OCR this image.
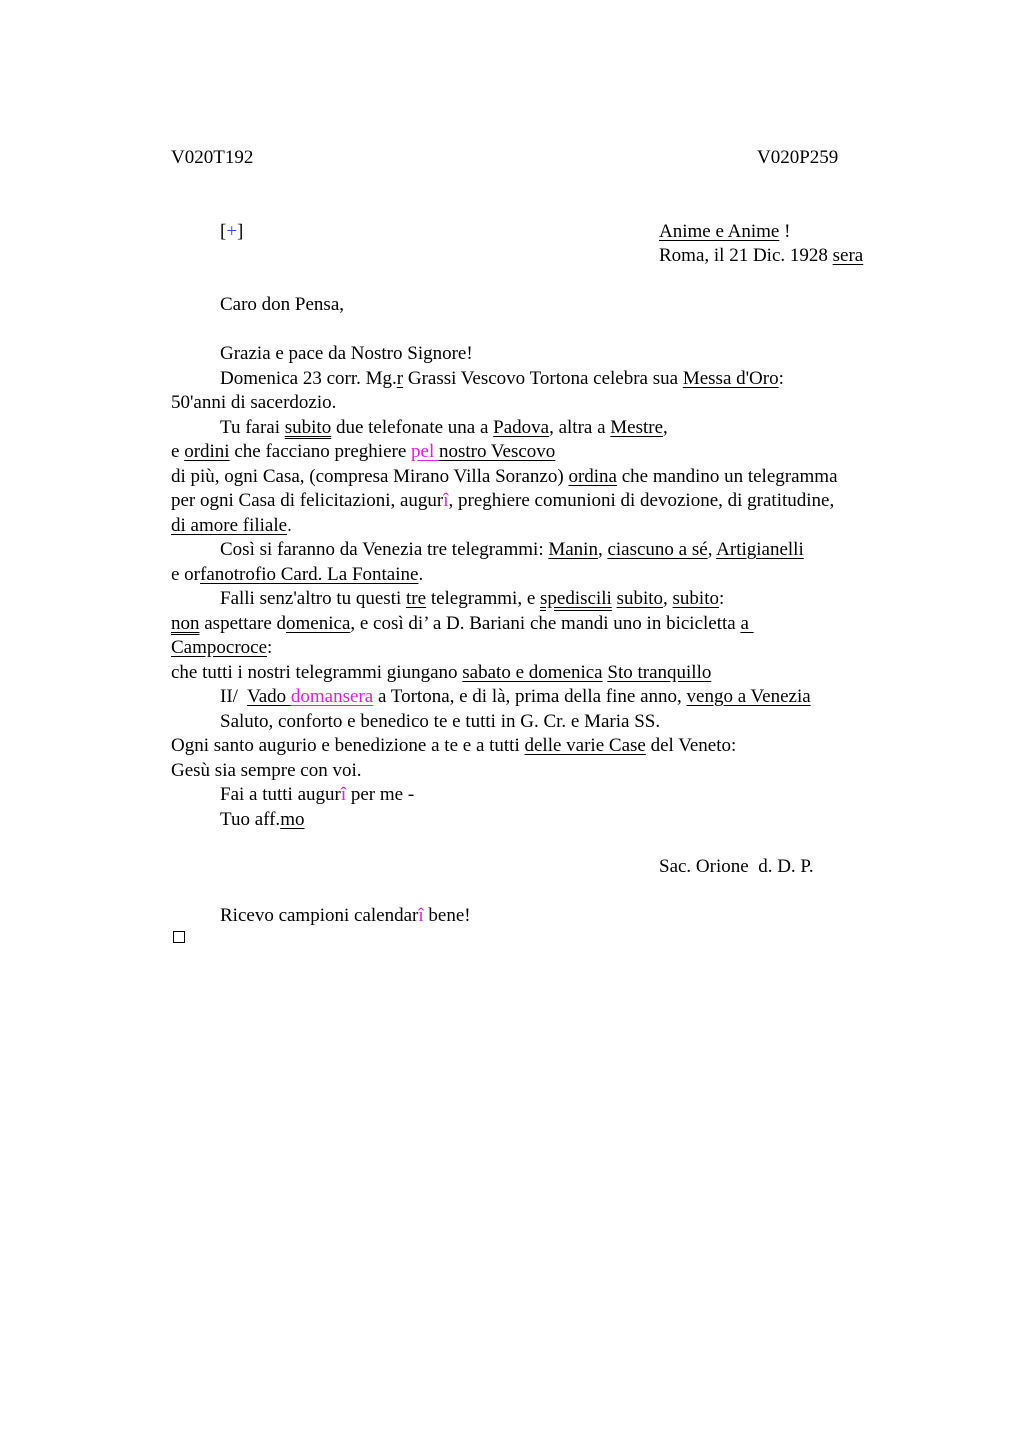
V020T192	V020P259
[+]	Anime e Anime !
Roma, il 21 Dic. 1928 sera
Caro don Pensa,
Grazia e pace da Nostro Signore!
Domenica 23 corr. Mg.r Grassi Vescovo Tortona celebra sua Messa d'Oro:
50'anni di sacerdozio.
Tu farai subito due telefonate una a Padova, altra a Mestre,
e ordini che facciano preghiere pel nostro Vescovo
di più, ogni Casa, (compresa Mirano Villa Soranzo) ordina che mandino un telegramma
per ogni Casa di felicitazioni, augurî, preghiere comunioni di devozione, di gratitudine,
di amore filiale.
Così si faranno da Venezia tre telegrammi: Manin, ciascuno a sé, Artigianelli
e orfanotrofio Card. La Fontaine.
Falli senz'altro tu questi tre telegrammi, e spediscili subito, subito:
non aspettare domenica, e così di’ a D. Bariani che mandi uno in bicicletta a
Campocroce:
che tutti i nostri telegrammi giungano sabato e domenica Sto tranquillo
II/  Vado domansera a Tortona, e di là, prima della fine anno, vengo a Venezia
Saluto, conforto e benedico te e tutti in G. Cr. e Maria SS.
Ogni santo augurio e benedizione a te e a tutti delle varie Case del Veneto:
Gesù sia sempre con voi.
Fai a tutti augurî per me -
Tuo aff.mo
Sac. Orione  d. D. P.
Ricevo campioni calendarî bene!
